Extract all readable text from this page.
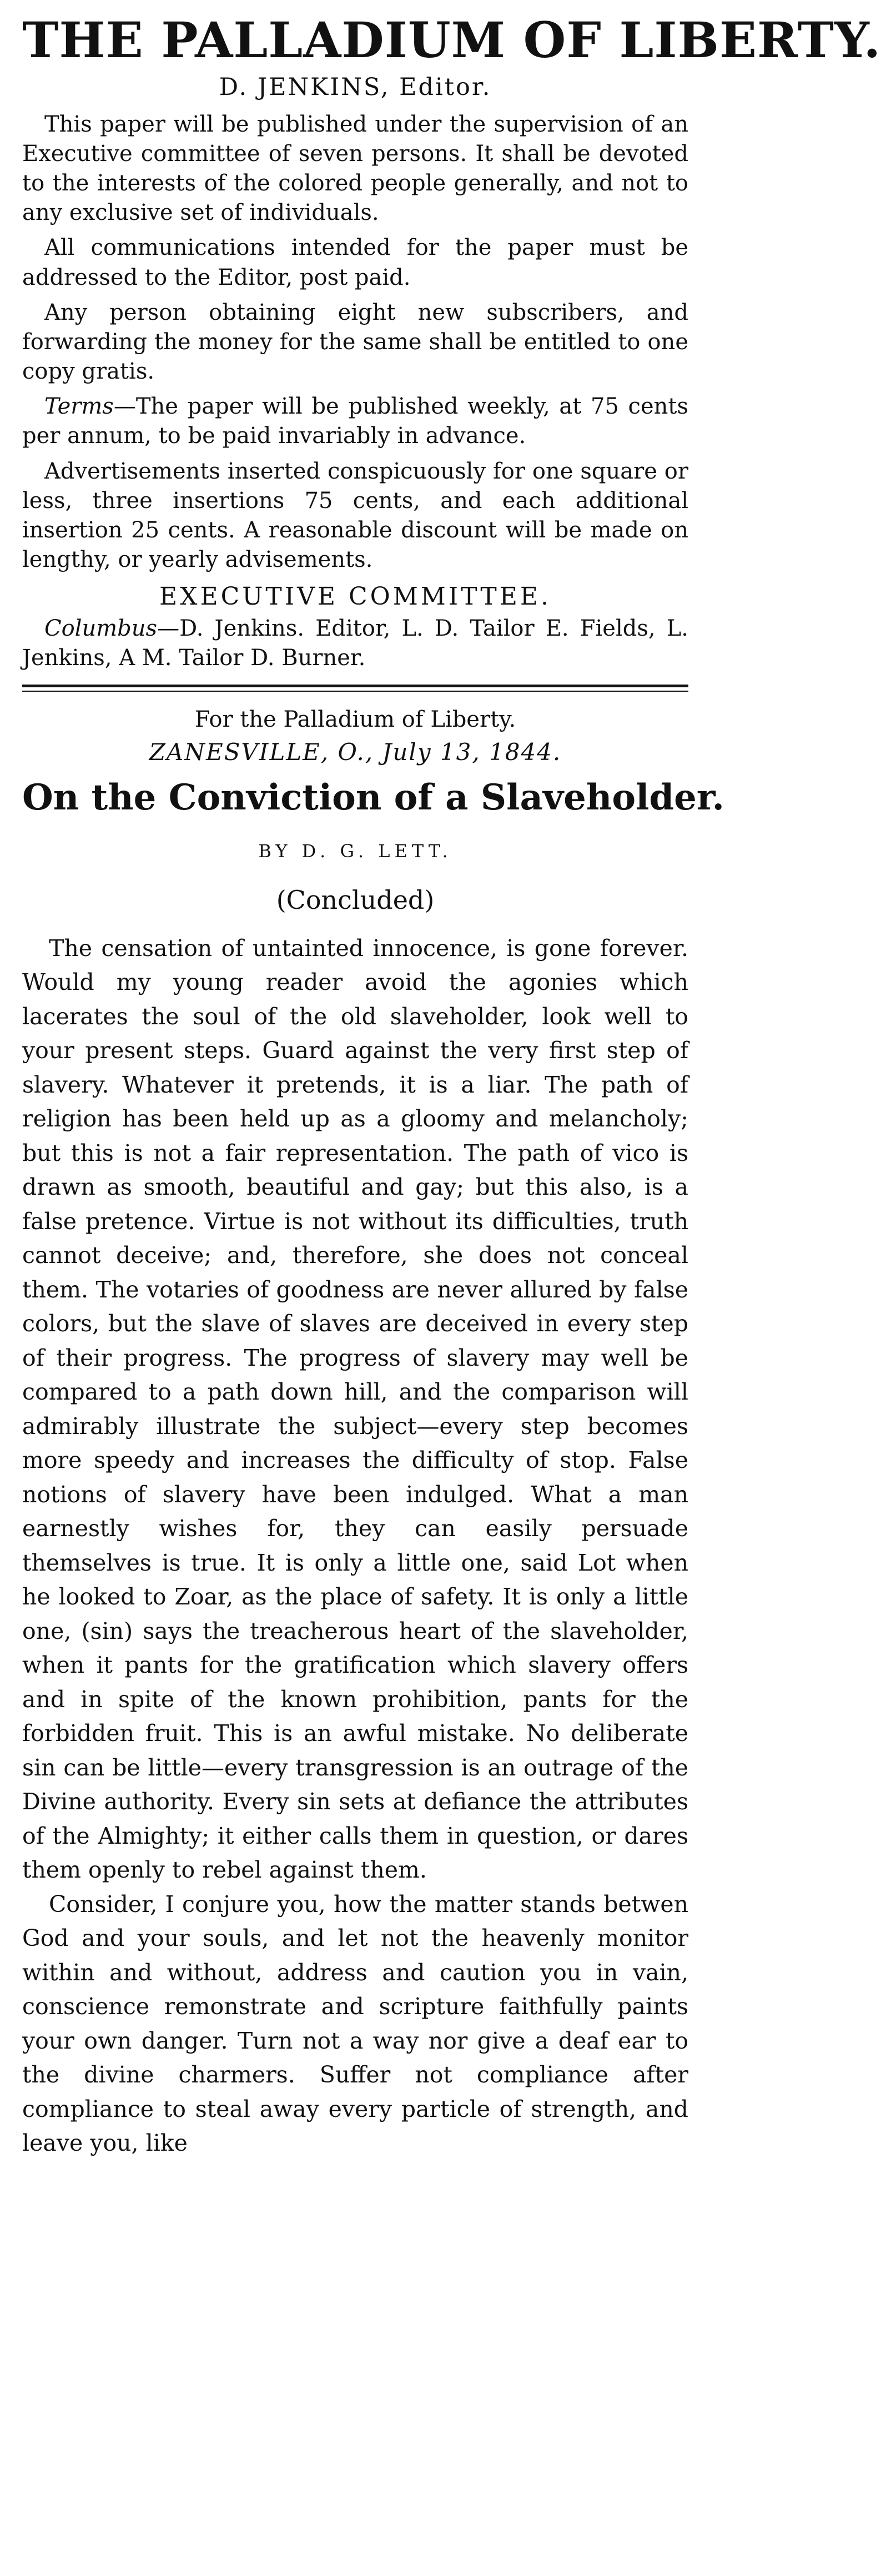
THE PALLADIUM OF LIBERTY.
D. JENKINS, Editor.

This paper will be published under the supervision of an Executive committee of seven persons. It shall be devoted to the interests of the colored people generally, and not to any exclusive set of individuals.

All communications intended for the paper must be addressed to the Editor, post paid.

Any person obtaining eight new subscribers, and forwarding the money for the same shall be entitled to one copy gratis.

Terms—The paper will be published weekly, at 75 cents per annum, to be paid invariably in advance.

Advertisements inserted conspicuously for one square or less, three insertions 75 cents, and each additional insertion 25 cents. A reasonable discount will be made on lengthy, or yearly advisements.

EXECUTIVE COMMITTEE.

Columbus—D. Jenkins. Editor, L. D. Tailor E. Fields, L. Jenkins, A M. Tailor D. Burner.

For the Palladium of Liberty.
ZANESVILLE, O., July 13, 1844.
On the Conviction of a Slaveholder.
BY D. G. LETT.
(Concluded)

The censation of untainted innocence, is gone forever. Would my young reader avoid the agonies which lacerates the soul of the old slaveholder, look well to your present steps. Guard against the very first step of slavery. Whatever it pretends, it is a liar. The path of religion has been held up as a gloomy and melancholy; but this is not a fair representation. The path of vico is drawn as smooth, beautiful and gay; but this also, is a false pretence. Virtue is not without its difficulties, truth cannot deceive; and, therefore, she does not conceal them. The votaries of goodness are never allured by false colors, but the slave of slaves are deceived in every step of their progress. The progress of slavery may well be compared to a path down hill, and the comparison will admirably illustrate the subject—every step becomes more speedy and increases the difficulty of stop. False notions of slavery have been indulged. What a man earnestly wishes for, they can easily persuade themselves is true. It is only a little one, said Lot when he looked to Zoar, as the place of safety. It is only a little one, (sin) says the treacherous heart of the slaveholder, when it pants for the gratification which slavery offers and in spite of the known prohibition, pants for the forbidden fruit. This is an awful mistake. No deliberate sin can be little—every transgression is an outrage of the Divine authority. Every sin sets at defiance the attributes of the Almighty; it either calls them in question, or dares them openly to rebel against them.

Consider, I conjure you, how the matter stands betwen God and your souls, and let not the heavenly monitor within and without, address and caution you in vain, conscience remonstrate and scripture faithfully paints your own danger. Turn not a way nor give a deaf ear to the divine charmers. Suffer not compliance after compliance to steal away every particle of strength, and leave you, like
